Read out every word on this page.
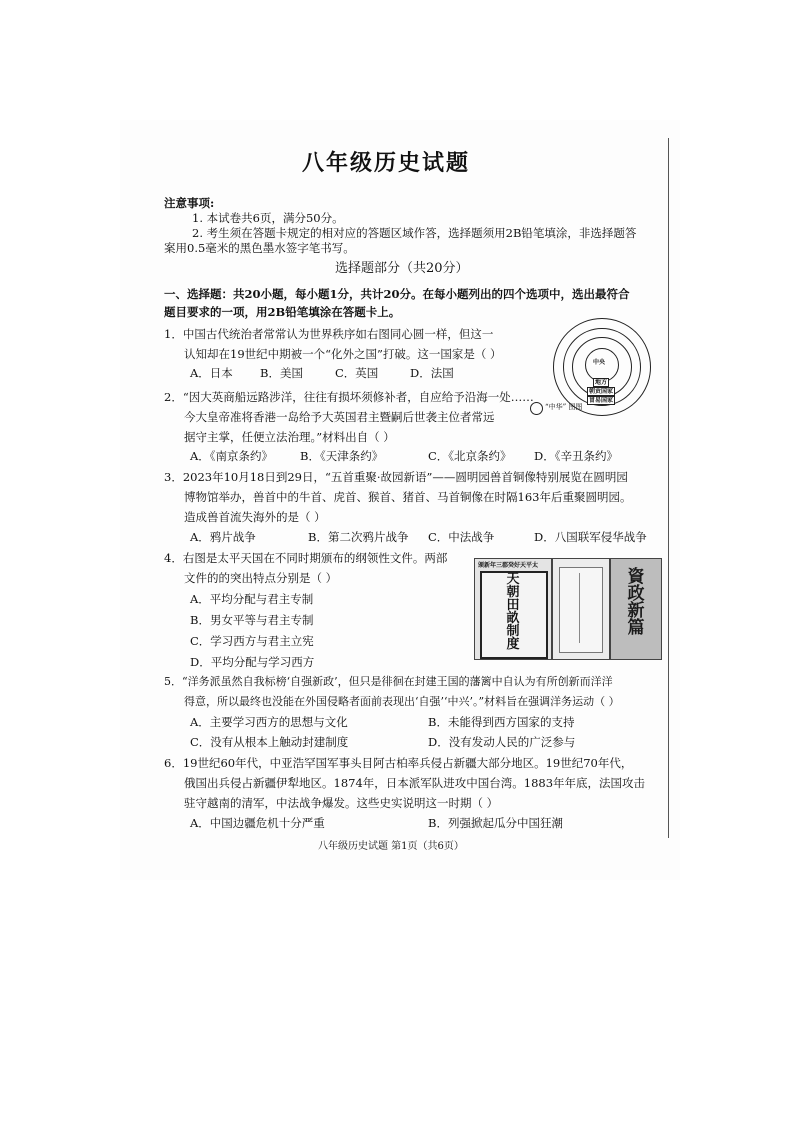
八年级历史试题
注意事项:
1. 本试卷共6页，满分50分。
2. 考生须在答题卡规定的相对应的答题区域作答，选择题须用2B铅笔填涂，非选择题答
案用0.5毫米的黑色墨水签字笔书写。
选择题部分（共20分）
一、选择题：共20小题，每小题1分，共计20分。在每小题列出的四个选项中，选出最符合
题目要求的一项，用2B铅笔填涂在答题卡上。
1．中国古代统治者常常认为世界秩序如右图同心圆一样，但这一
认知却在19世纪中期被一个“化外之国”打破。这一国家是（ ）
A．日本 B．美国	C．英国	D．法国
中央
地方
朝贡国家
冒易国家
“中华” 图图
2．“因大英商船远路涉洋，往往有损坏须修补者，自应给予沿海一处……
今大皇帝准将香港一岛给予大英国君主暨嗣后世袭主位者常远
据守主掌，任便立法治理。”材料出自（ ）
A．《南京条约》 B．《天津条约》	C．《北京条约》 D．《辛丑条约》
3．2023年10月18日到29日，“五首重聚·故园新语”——圆明园兽首铜像特别展览在圆明园
博物馆举办，兽首中的牛首、虎首、猴首、猪首、马首铜像在时隔163年后重聚圆明园。
造成兽首流失海外的是（ ）
A．鸦片战争	B．第二次鸦片战争 C．中法战争	D．八国联军侵华战争
4．右图是太平天国在不同时期颁布的纲领性文件。两部
文件的的突出特点分别是（ ）
A．平均分配与君主专制
B．男女平等与君主专制
C．学习西方与君主立宪
D．平均分配与学习西方
颁新年三郡癸好天平太
天
朝
田
畝
制
度
資
政
新
篇
5．“洋务派虽然自我标榜‘自强新政’，但只是徘徊在封建王国的藩篱中自认为有所创新而洋洋
得意，所以最终也没能在外国侵略者面前表现出‘自强’‘中兴’。”材料旨在强调洋务运动（ ）
A．主要学习西方的思想与文化	B．未能得到西方国家的支持
C．没有从根本上触动封建制度	D．没有发动人民的广泛参与
6．19世纪60年代，中亚浩罕国军事头目阿古柏率兵侵占新疆大部分地区。19世纪70年代，
俄国出兵侵占新疆伊犁地区。1874年，日本派军队进攻中国台湾。1883年年底，法国攻击
驻守越南的清军，中法战争爆发。这些史实说明这一时期（ ）
A．中国边疆危机十分严重	B．列强掀起瓜分中国狂潮
八年级历史试题 第1页（共6页）
